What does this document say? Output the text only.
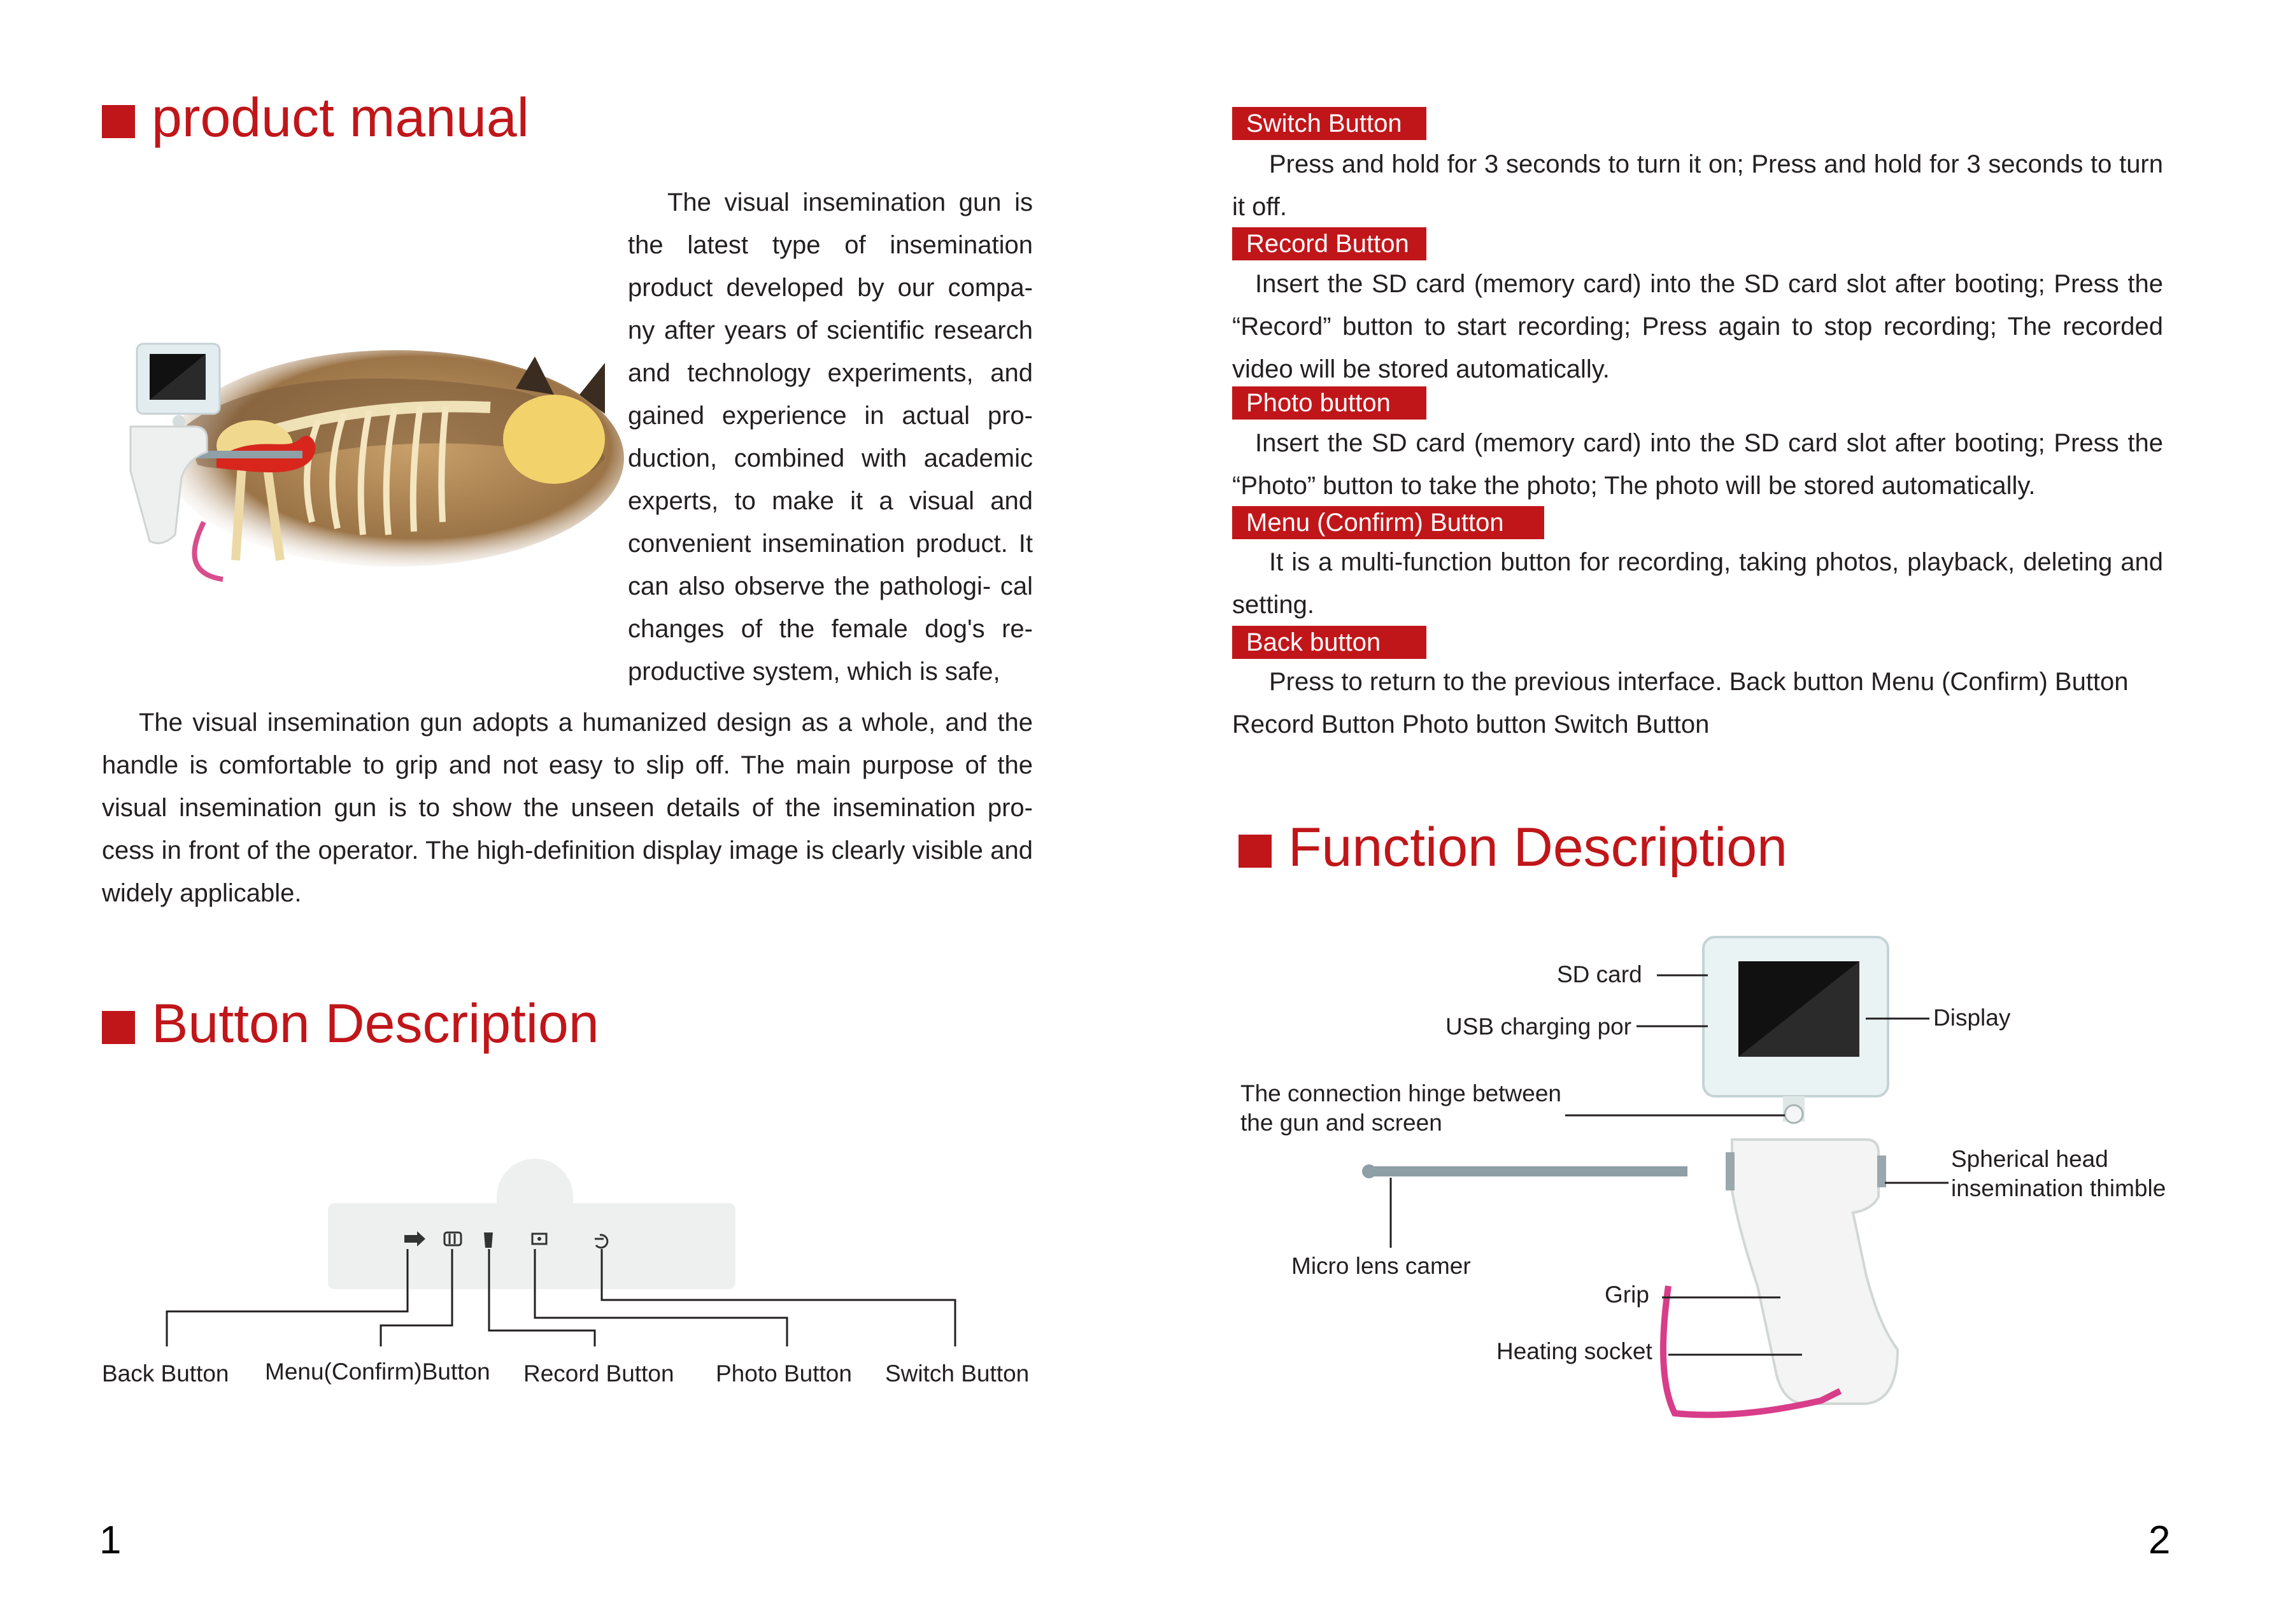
product manual
The visual insemination gun is the latest type of insemination product developed by our compa- ny after years of scientific research and technology experiments, and gained experience in actual pro- duction, combined with academic experts, to make it a visual and convenient insemination product. It can also observe the pathologi- cal changes of the female dog's re- productive system, which is safe,
The visual insemination gun adopts a humanized design as a whole, and the handle is comfortable to grip and not easy to slip off. The main purpose of the visual insemination gun is to show the unseen details of the insemination pro- cess in front of the operator. The high-definition display image is clearly visible and widely applicable.
Button Description
Back Button Menu(Confirm)Button Record Button Photo Button Switch Button
1
Switch Button
Press and hold for 3 seconds to turn it on; Press and hold for 3 seconds to turn it off.
Record Button
Insert the SD card (memory card) into the SD card slot after booting; Press the “Record” button to start recording; Press again to stop recording; The recorded video will be stored automatically.
Photo button
Insert the SD card (memory card) into the SD card slot after booting; Press the “Photo” button to take the photo; The photo will be stored automatically.
Menu (Confirm) Button
It is a multi-function button for recording, taking photos, playback, deleting and setting.
Back button
Press to return to the previous interface. Back button Menu (Confirm) Button Record Button Photo button Switch Button
Function Description
SD card
USB charging por	Display
The connection hinge between the gun and screen
Spherical head insemination thimble
Micro lens camer
Grip
Heating socket
2
